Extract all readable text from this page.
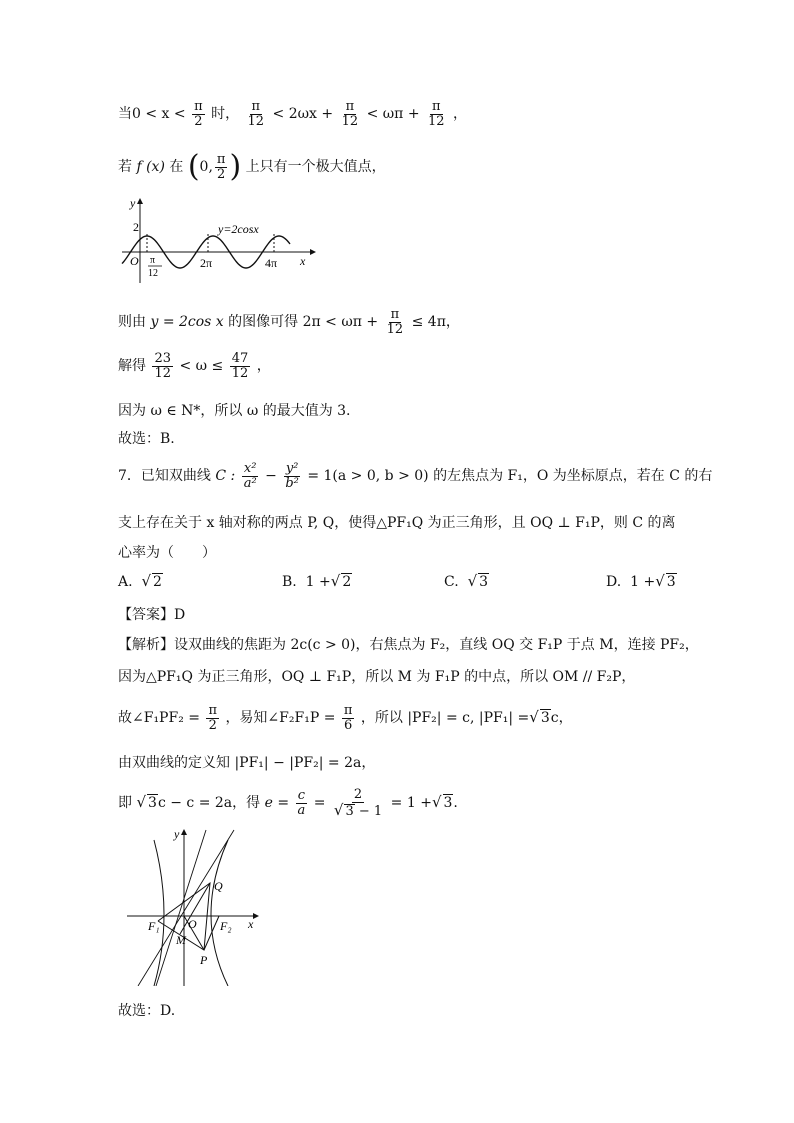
当$0 < x < \frac{\pi}{2}$ 时， $\frac{\pi}{12} < 2\omega x + \frac{\pi}{12} < \omega\pi + \frac{\pi}{12}$ ，
若 f (x) 在 (0, $\frac{\pi}{2}$ ) 上只有一个极大值点，
y
x
O
2	y=2cosx
π
12
2π	4π
则由 y = 2cos x 的图像可得 $2\pi < \omega\pi + \frac{\pi}{12} \le 4\pi$，
解得 $\frac{23}{12} < \omega \le \frac{47}{12}$ ，
因为 ω ∈ N*，所以 ω 的最大值为 3.
故选：B.
7．已知双曲线 C : $\frac{\text{x²}}{\text{a²}} - \frac{\text{y²}}{\text{b²}} = 1(a > 0$, b > 0) 的左焦点为 F₁，O 为坐标原点，若在 C 的右
支上存在关于 x 轴对称的两点 P, Q，使得△PF₁Q 为正三角形，且 OQ ⊥ F₁P，则 C 的离
心率为（　　）
A. √ 2	B. 1 +√ 2	C. √ 3	D. 1 +√ 3
【答案】D
【解析】设双曲线的焦距为 2c(c > 0)，右焦点为 F₂，直线 OQ 交 F₁P 于点 M，连接 PF₂，
因为△PF₁Q 为正三角形，OQ ⊥ F₁P，所以 M 为 F₁P 的中点，所以 OM // F₂P，
故∠F₁PF₂ = $\frac{\pi}{2}$ ，易知∠F₂F₁P = $\frac{\pi}{6}$ ，所以 |PF₂| = c, |PF₁| =√ 3c，
由双曲线的定义知 |PF₁| − |PF₂| = 2a，
即 √ 3c − c = 2a，得 $e = \frac{c}{a} = \frac{2}{√ 3 - 1} = 1$ +√ 3.
y
x
Q
O
F₁	F₂
M
P
故选：D.
